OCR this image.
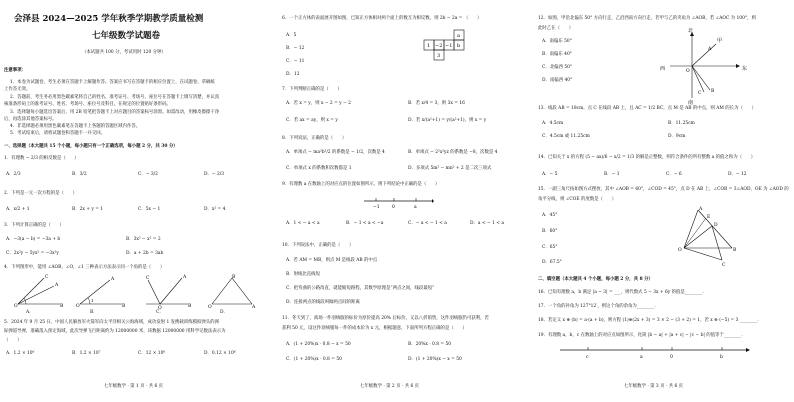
会泽县 2024—2025 学年秋季学期教学质量检测
七年级数学试题卷
（本试题共 100 分，考试用时 120 分钟）
注意事项：
1．本卷为试题卷，考生必须在答题卡上解题作答。答案应书写在答题卡的相应位置上，在试题卷、草稿纸
上作答无效。
2．答题前，考生务必用黑色碳素笔将自己的姓名、准考证号、考场号、座位号在答题卡上填写清楚，并认真
核准条形码上的准考证号、姓名、考场号、座位号及科目，在规定的位置贴好条形码。
3．选择题每小题选出答案后，用 2B 铅笔把答题卡上对应题目的答案标号涂黑。如需改动，用橡皮擦擦干净
后，再选涂其他答案标号。
4．非选择题必须用黑色碳素笔在答题卡上各题的答题区域内作答。
5．考试结束后，请将试题卷和答题卡一并交回。
一、选择题（本大题共 15 个小题，每小题只有一个正确选项，每小题 2 分，共 30 分）
1．有理数 − 2/3 的相反数是（　　）
A．2/3	B．3/2	C．− 3/2	D．− 2/3
2．下列是一元一次方程的是（　　）
A．x/2 + 1	B．2x + y = 1	C．5x − 1	D．x² = 4
3．下列计算正确的是（　　）
A．−3(a − b) = −3a + b	B．3x² − x² = 2
C．2x²y − 5yx² = −3x²y	D．a + 2b = 3ab
4．下列图形中，能用 ∠AOB，∠O，∠1 三种表示方法表示同一个角的是（　　）
O
C
A
B	O
A
B
1
O
A
C
B
B
O	A
A．	B．	C．	D．
5．2024 年 9 月 25 日，中国人民解放军火箭军向太平洋相关公海海域，成功发射 1 发携载训练模拟弹头的洲
际弹道导弹，准确落入预定海域，此次导弹飞行距离约为 12000000 米，该数据 12000000 用科学记数法表示为
（　　）
A．1.2 × 10⁶	B．1.2 × 10⁷	C．12 × 10⁶	D．0.12 × 10⁸
七年级数学 · 第 1 页 · 共 6 页
6．一个正方体的表面展开图如图，已知正方体相对两个面上的数互为相反数，则 2b − 2a = （　　）
A．5
B．− 12
C．− 11
D．12
1 −2 −1 b
a
3
7．下列判断正确的是（　　）
A．若 x = y，则 x − 2 = y − 2	B．若 x/4 = 3，则 3x = 16
C．若 ax = ay，则 x = y	D．若 x/(a²+1) = y/(a²+1)，则 x = y
8．下列说法，正确的是（　　）
A．单项式 − ma²b³/2 的系数是 − 1/2，次数是 4	B．单项式 − 2²x²yz 的系数是 −8，次数是 4
C．单项式 x 的系数和次数都是 1	D．多项式 5m² − mn² + 2 是二次三项式
9．有理数 a 在数轴上的对应点的位置如图所示，则下列结论中正确的是（　　）
−1	0	a
A．1 < − a < a	B．− 1 < a < −a	C．− a < − 1 < a	D．a < − 1 < a
10．下列说法中，正确的是（　　）
A．若 AM = MB，则点 M 是线段 AB 的中点
B．射线比直线短
C．把弯曲的公路改直，就能缩短路程，其数学原理是“两点之间，线段最短”
D．连接两点的线段叫做两点间的距离
11．冬天到了，商场一件羽绒服的标价为原价提高 20% 后标价，又以八折销售，这件羽绒服仍可获利，若
获利 50 元，设这件羽绒服每一件的成本价为 x 元，根据题意，下面所列方程正确的是（　　）
A．(1 + 20%)x · 0.8 − x = 50	B．20%x · 0.8 = 50
C．(1 + 20%)x · 0.8 = 50	D．(1 + 20%)x − x = 50
七年级数学 · 第 2 页 · 共 6 页
12．如图，甲沿北偏东 50° 方向行走，乙沿西南方向行走，若甲与乙的夹角为 ∠AOB，若 ∠AOC 为 100°，则
此时乙在（　　）
A．南偏东 50°
B．南偏东 40°
C．北偏西 50°
D．南偏西 40°
北
南
西	东
甲
A
O
B
C
13．线段 AB = 18cm，点 C 在线段 AB 上，且 AC = 1/2 BC，点 M 是 AB 的中点，则 AM 的长为（　　）
A．4.5cm	B．11.25cm
C．4.5cm 或 11.25cm	D．9cm
14．已知关于 x 的方程 (5 − ax)/6 − x/2 = 1/3 的解是正整数，则符合条件的所有整数 a 的值之和为（　　）
A．− 5	B．− 1	C．− 6	D．− 12
15．一副三角尺按如图方式摆放，其中 ∠AOB = 60°，∠COD = 45°，点 D 在 AB 上，∠COB = 3∠AOD，OE 为 ∠AOD 的
角平分线，则 ∠COE 的度数是（　　）
A．45°
B．60°
C．65°
D．67.5°
A
D
E
O	B
C
二、填空题（本大题共 4 个小题，每小题 2 分，共 8 分）
16．已知有理数 a，b 满足 |a − 3| = ___，则代数式 5 − 3x + 6y 的值是________．
17．一个角的补角为 127°12′，则这个角的余角为________．
18．若定义 x ⊕ (b) = a·(a + b)，则方程 (1)⊕(2x + 3) = 3 × 2 − (3 + 2) = 1，若 x ⊕ (−5) = 3 ________．
19．有理数 a，b，c 在数轴上的对应点如图所示，化简 |b − a| + |a + c| − |c − b| 的值等于________．
c	a	0	b
七年级数学 · 第 3 页 · 共 6 页
